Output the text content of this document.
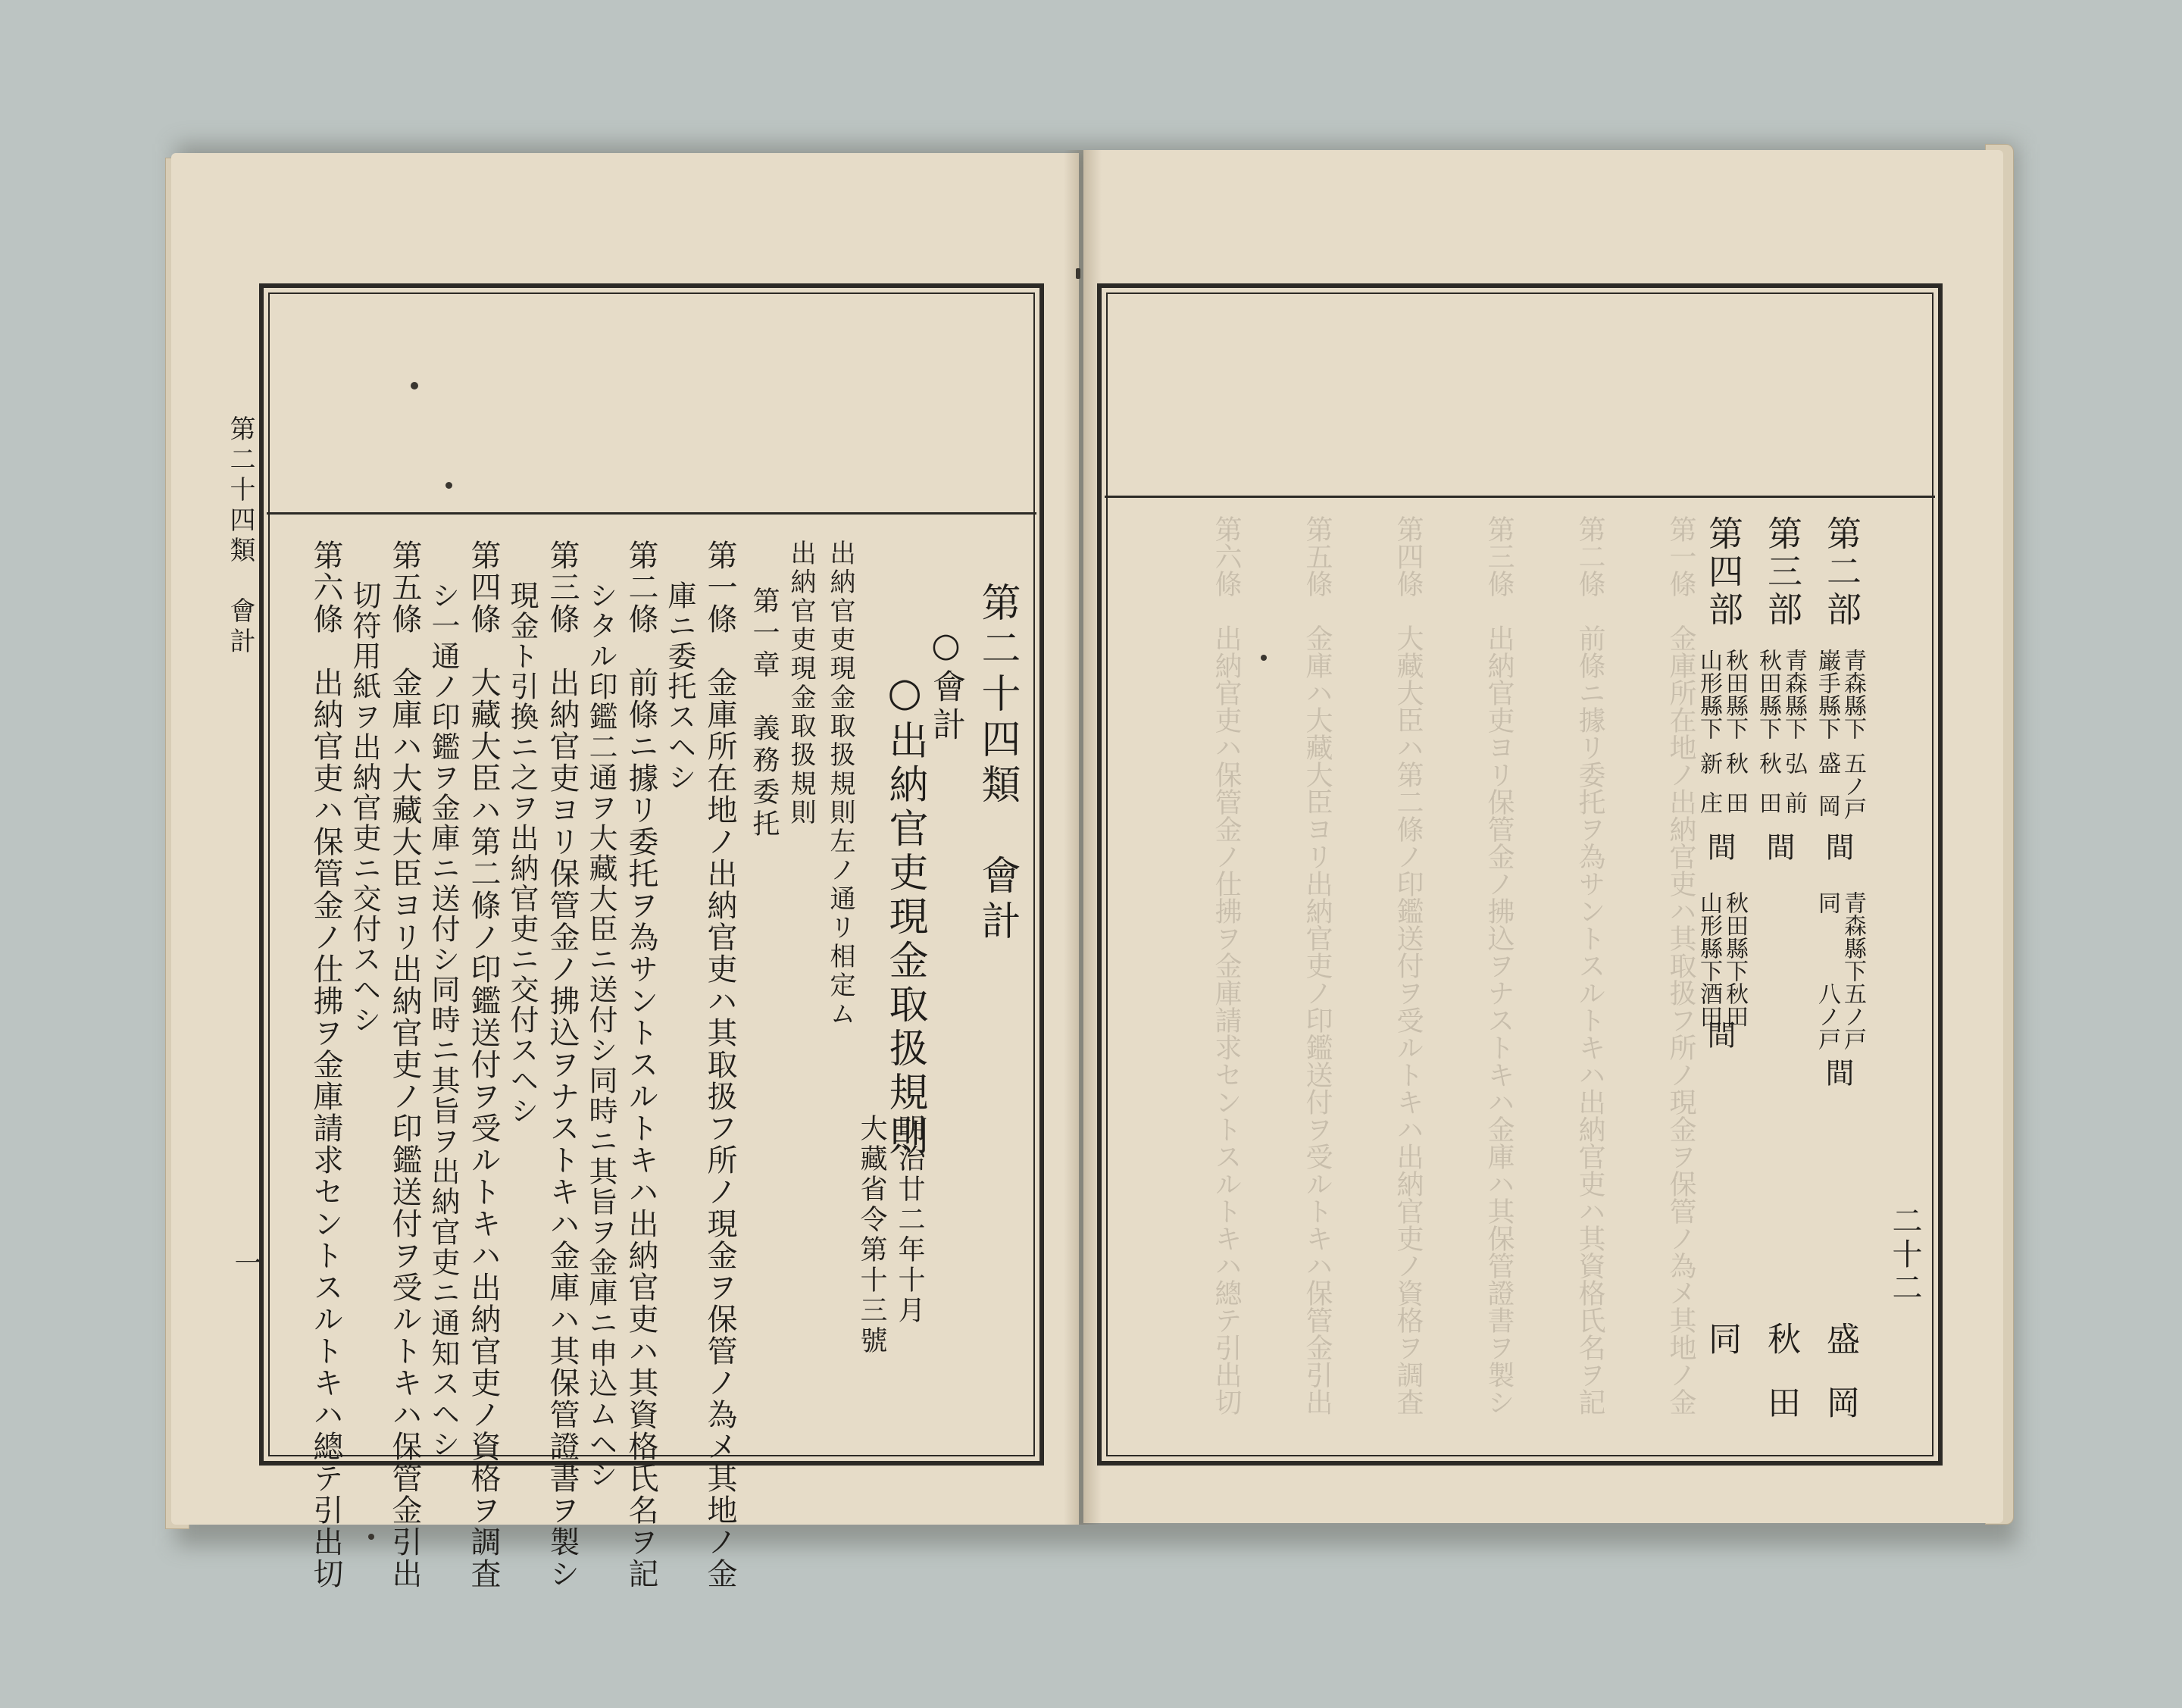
第二十四類　會計
一
第二十四類　會計
○會計
○出納官吏現金取扱規則
明治廿二年十月
大藏省令第十三號
出納官吏現金取扱規則左ノ通リ相定ム
出納官吏現金取扱規則
第一章　義務委托
第一條　金庫所在地ノ出納官吏ハ其取扱フ所ノ現金ヲ保管ノ為メ其地ノ金
庫ニ委托スヘシ
第二條　前條ニ據リ委托ヲ為サントスルトキハ出納官吏ハ其資格氏名ヲ記
シタル印鑑二通ヲ大藏大臣ニ送付シ同時ニ其旨ヲ金庫ニ申込ムヘシ
第三條　出納官吏ヨリ保管金ノ拂込ヲナストキハ金庫ハ其保管證書ヲ製シ
現金ト引換ニ之ヲ出納官吏ニ交付スヘシ
第四條　大藏大臣ハ第二條ノ印鑑送付ヲ受ルトキハ出納官吏ノ資格ヲ調査
シ一通ノ印鑑ヲ金庫ニ送付シ同時ニ其旨ヲ出納官吏ニ通知スヘシ
第五條　金庫ハ大藏大臣ヨリ出納官吏ノ印鑑送付ヲ受ルトキハ保管金引出
切符用紙ヲ出納官吏ニ交付スヘシ
第六條　出納官吏ハ保管金ノ仕拂ヲ金庫請求セントスルトキハ總テ引出切	二十二
第一條　金庫所在地ノ出納官吏ハ其取扱フ所ノ現金ヲ保管ノ為メ其地ノ金
第二條　前條ニ據リ委托ヲ為サントスルトキハ出納官吏ハ其資格氏名ヲ記
第三條　出納官吏ヨリ保管金ノ拂込ヲナストキハ金庫ハ其保管證書ヲ製シ
第四條　大藏大臣ハ第二條ノ印鑑送付ヲ受ルトキハ出納官吏ノ資格ヲ調査
第五條　金庫ハ大藏大臣ヨリ出納官吏ノ印鑑送付ヲ受ルトキハ保管金引出
第六條　出納官吏ハ保管金ノ仕拂ヲ金庫請求セントスルトキハ總テ引出切	第二部
青森縣下
巌手縣下
五ノ戸
盛岡
間
青森縣下五ノ戸
同　　　八ノ戸
間
盛岡
第三部
青森縣下
秋田縣下
弘前
秋田
間
秋田
第四部
秋田縣下
山形縣下
秋田
新庄
間
秋田縣下秋田
山形縣下酒田
間
同
